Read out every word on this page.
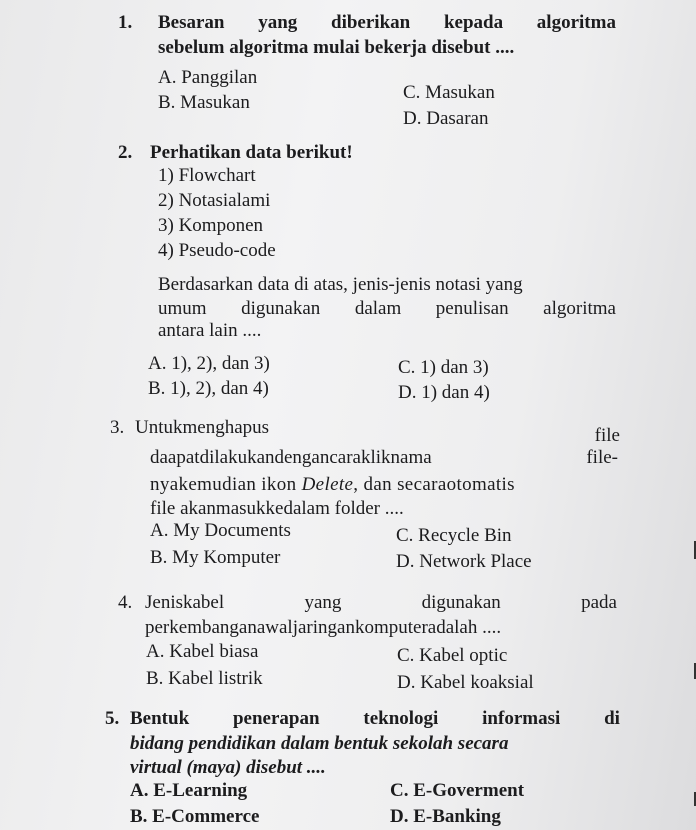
1. Besaran yang diberikan kepada algoritma
sebelum algoritma mulai bekerja disebut ....
A. Panggilan
B. Masukan	C. Masukan
D. Dasaran
2. Perhatikan data berikut!
1) Flowchart
2) Notasialami
3) Komponen
4) Pseudo-code
Berdasarkan data di atas, jenis-jenis notasi yang
umum digunakan dalam penulisan algoritma
antara lain ....
A. 1), 2), dan 3)
B. 1), 2), dan 4)
C. 1) dan 3)
D. 1) dan 4)
3. Untukmenghapus	file
daapatdilakukandengancarakliknama	file-
nyakemudian ikon Delete, dan secaraotomatis
file akanmasukkedalam folder ....
A. My Documents
B. My Komputer
C. Recycle Bin
D. Network Place
4. Jeniskabel	yang	digunakan	pada
perkembanganawaljaringankomputeradalah ....
A. Kabel biasa
B. Kabel listrik
C. Kabel optic
D. Kabel koaksial
5. Bentuk penerapan teknologi informasi di
bidang pendidikan dalam bentuk sekolah secara
virtual (maya) disebut ....
A. E-Learning
B. E-Commerce
C. E-Goverment
D. E-Banking
